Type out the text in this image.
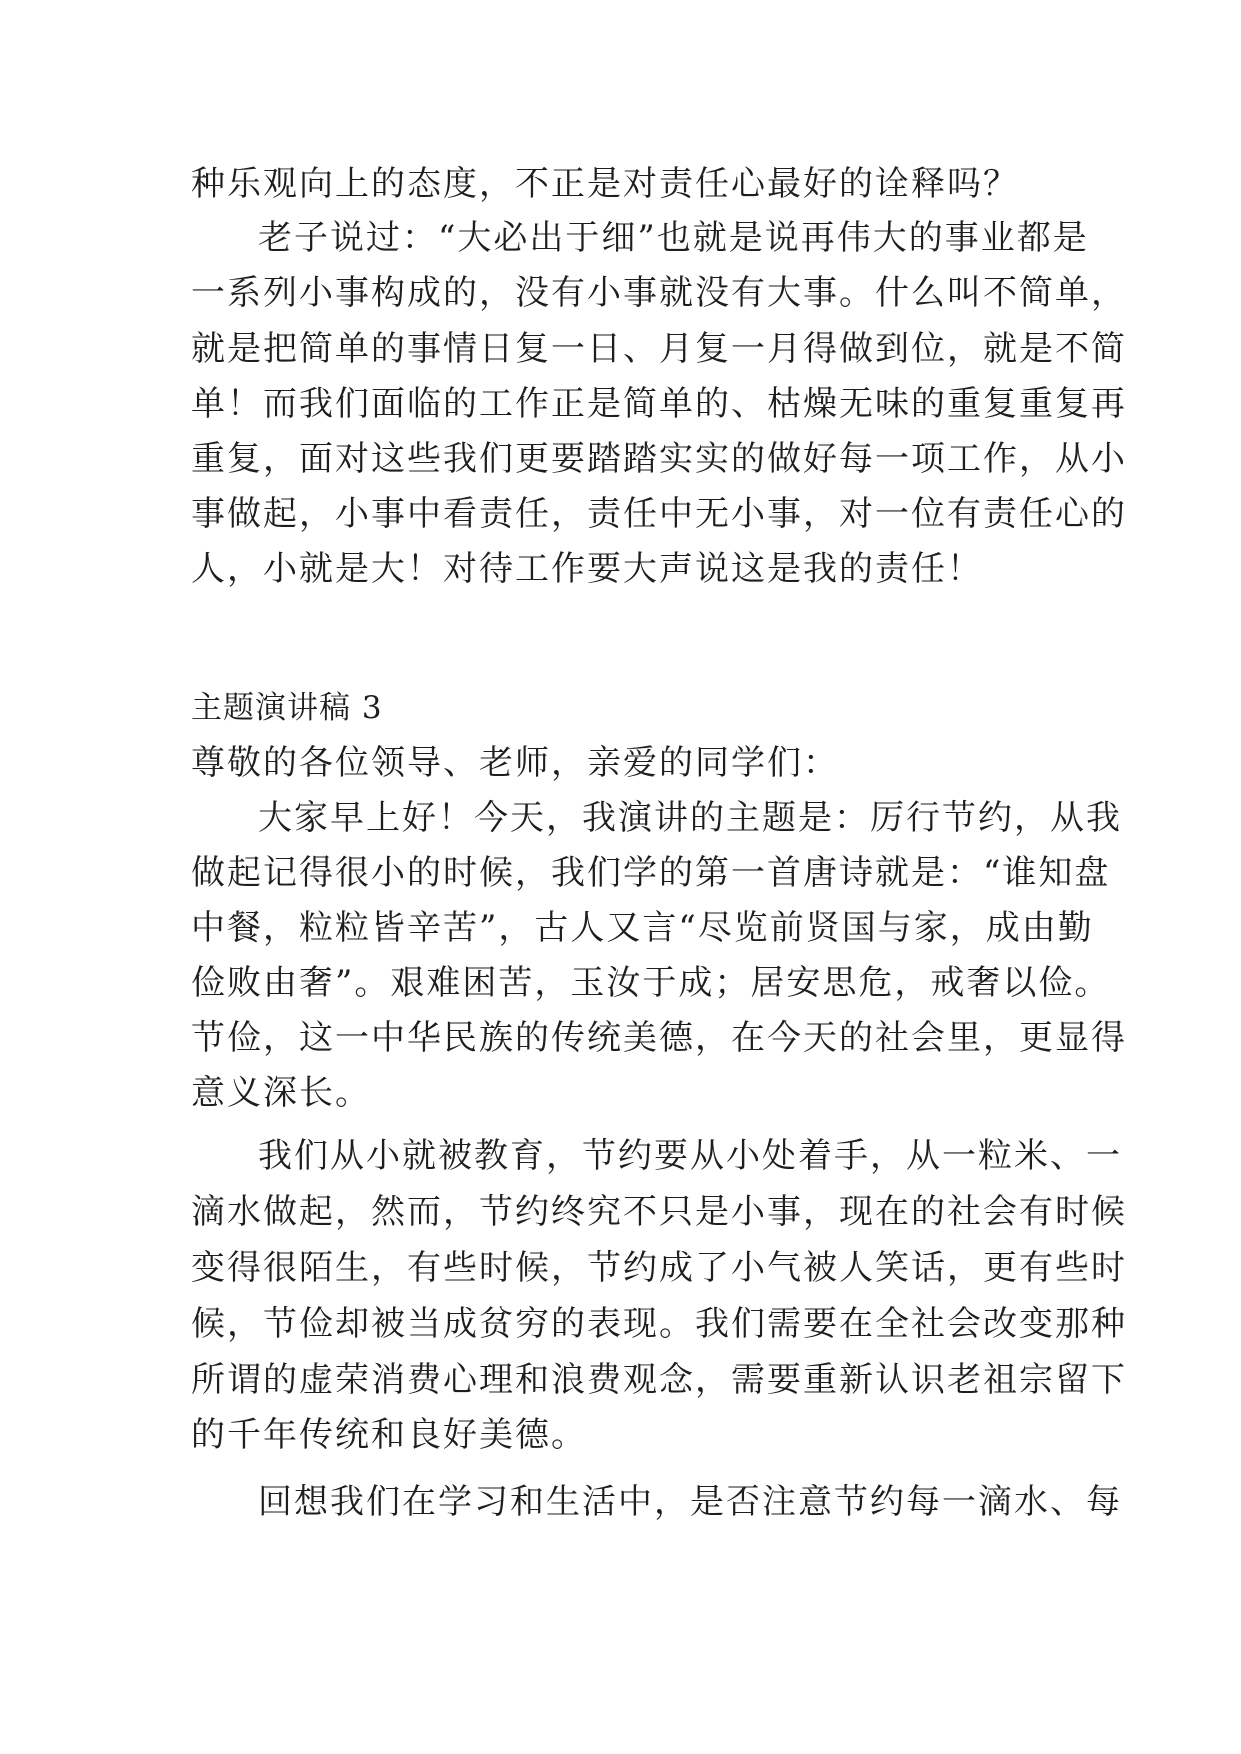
种乐观向上的态度，不正是对责任心最好的诠释吗？
老子说过：“大必出于细”也就是说再伟大的事业都是
一系列小事构成的，没有小事就没有大事。什么叫不简单，
就是把简单的事情日复一日、月复一月得做到位，就是不简
单！而我们面临的工作正是简单的、枯燥无味的重复重复再
重复，面对这些我们更要踏踏实实的做好每一项工作，从小
事做起，小事中看责任，责任中无小事，对一位有责任心的
人，小就是大！对待工作要大声说这是我的责任！
主题演讲稿 3
尊敬的各位领导、老师，亲爱的同学们：
大家早上好！今天，我演讲的主题是：厉行节约，从我
做起记得很小的时候，我们学的第一首唐诗就是：“谁知盘
中餐，粒粒皆辛苦”，古人又言“尽览前贤国与家，成由勤
俭败由奢”。艰难困苦，玉汝于成；居安思危，戒奢以俭。
节俭，这一中华民族的传统美德，在今天的社会里，更显得
意义深长。
我们从小就被教育，节约要从小处着手，从一粒米、一
滴水做起，然而，节约终究不只是小事，现在的社会有时候
变得很陌生，有些时候，节约成了小气被人笑话，更有些时
候，节俭却被当成贫穷的表现。我们需要在全社会改变那种
所谓的虚荣消费心理和浪费观念，需要重新认识老祖宗留下
的千年传统和良好美德。
回想我们在学习和生活中，是否注意节约每一滴水、每
